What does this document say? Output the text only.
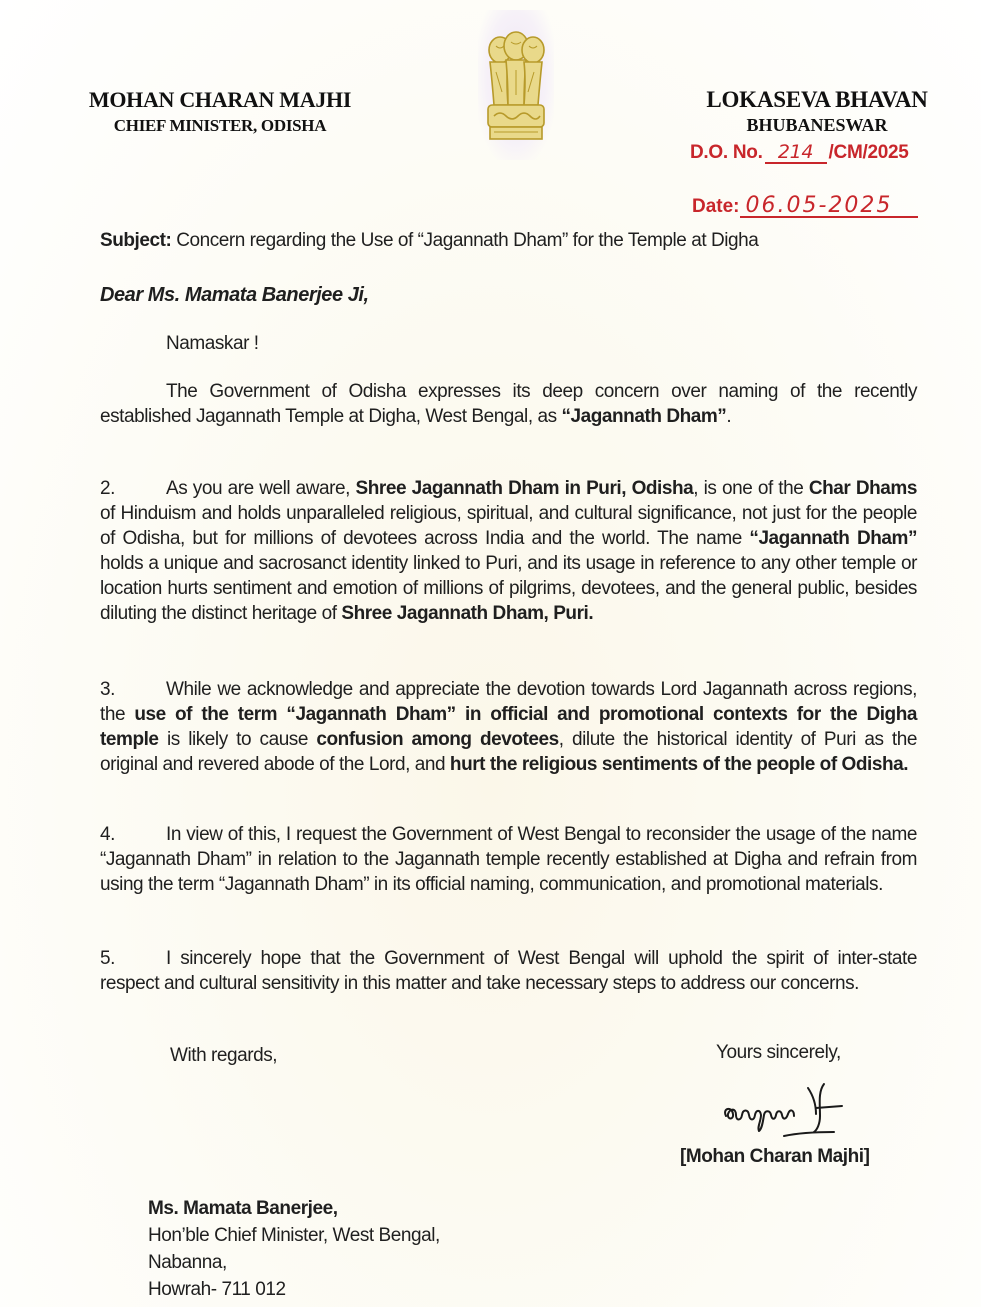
MOHAN CHARAN MAJHI
CHIEF MINISTER, ODISHA
LOKASEVA BHAVAN
BHUBANESWAR
D.O. No. 214 /CM/2025
Date: 06.05-2025
Subject: Concern regarding the Use of “Jagannath Dham” for the Temple at Digha
Dear Ms. Mamata Banerjee Ji,
Namaskar !
The Government of Odisha expresses its deep concern over naming of the recently established Jagannath Temple at Digha, West Bengal, as “Jagannath Dham”.
2.	As you are well aware, Shree Jagannath Dham in Puri, Odisha, is one of the Char Dhams of Hinduism and holds unparalleled religious, spiritual, and cultural significance, not just for the people of Odisha, but for millions of devotees across India and the world. The name “Jagannath Dham” holds a unique and sacrosanct identity linked to Puri, and its usage in reference to any other temple or location hurts sentiment and emotion of millions of pilgrims, devotees, and the general public, besides diluting the distinct heritage of Shree Jagannath Dham, Puri.
3.	While we acknowledge and appreciate the devotion towards Lord Jagannath across regions, the use of the term “Jagannath Dham” in official and promotional contexts for the Digha temple is likely to cause confusion among devotees, dilute the historical identity of Puri as the original and revered abode of the Lord, and hurt the religious sentiments of the people of Odisha.
4.	In view of this, I request the Government of West Bengal to reconsider the usage of the name “Jagannath Dham” in relation to the Jagannath temple recently established at Digha and refrain from using the term “Jagannath Dham” in its official naming, communication, and promotional materials.
5.	I sincerely hope that the Government of West Bengal will uphold the spirit of inter-state respect and cultural sensitivity in this matter and take necessary steps to address our concerns.
With regards,	Yours sincerely,
[Mohan Charan Majhi]
Ms. Mamata Banerjee,
Hon’ble Chief Minister, West Bengal,
Nabanna,
Howrah- 711 012
